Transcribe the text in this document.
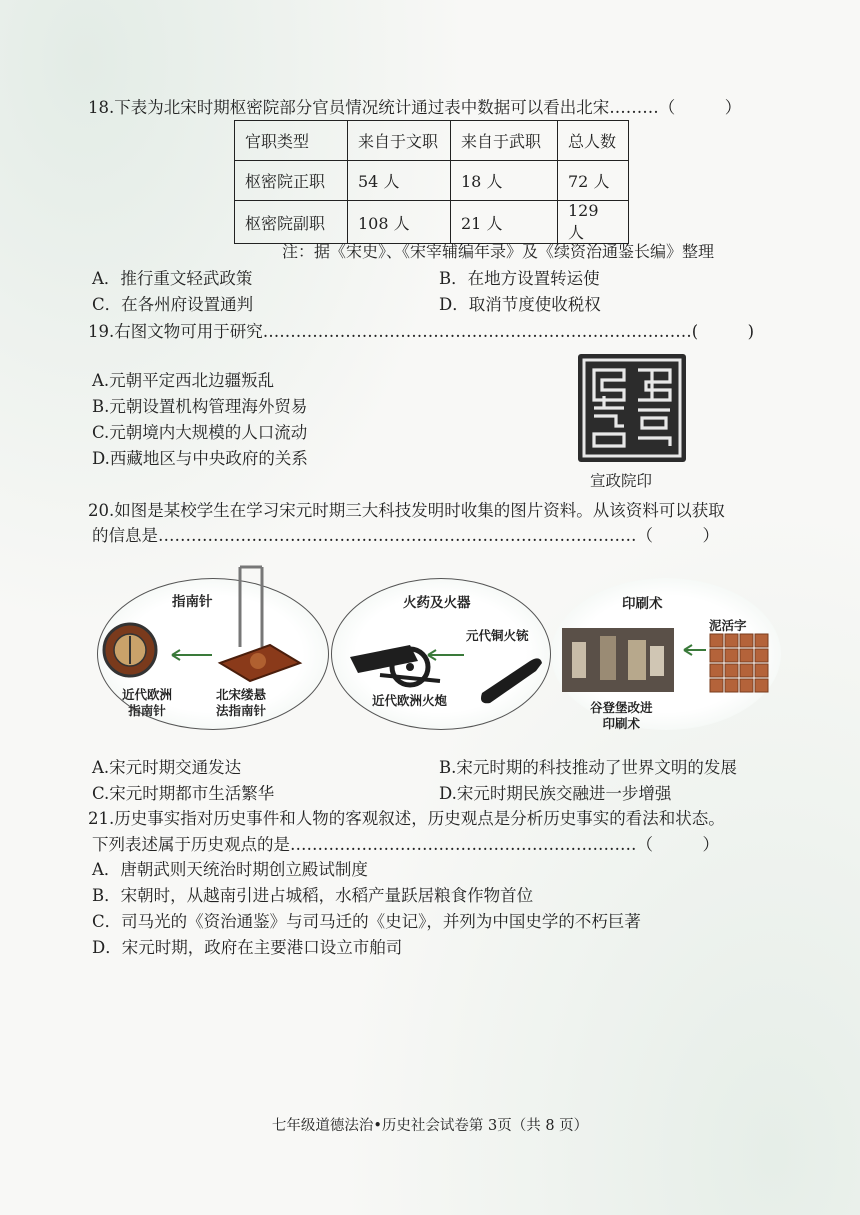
18.下表为北宋时期枢密院部分官员情况统计通过表中数据可以看出北宋………（　　　）
官职类型	来自于文职	来自于武职	总人数
枢密院正职	54 人	18 人	72 人
枢密院副职	108 人	21 人	129 人
注：据《宋史》、《宋宰辅编年录》及《续资治通鉴长编》整理
A．推行重文轻武政策	B．在地方设置转运使
C．在各州府设置通判	D．取消节度使收税权
19.右图文物可用于研究……………………………………………………………………(　　　)
A.元朝平定西北边疆叛乱
B.元朝设置机构管理海外贸易
C.元朝境内大规模的人口流动
D.西藏地区与中央政府的关系
宣政院印
20.如图是某校学生在学习宋元时期三大科技发明时收集的图片资料。从该资料可以获取
的信息是……………………………………………………………………………（　　　）
指南针
近代欧洲
指南针
北宋缕悬
法指南针
火药及火器
元代铜火铳
近代欧洲火炮
印刷术
泥活字
谷登堡改进
印刷术
A.宋元时期交通发达	B.宋元时期的科技推动了世界文明的发展
C.宋元时期都市生活繁华	D.宋元时期民族交融进一步增强
21.历史事实指对历史事件和人物的客观叙述，历史观点是分析历史事实的看法和状态。
下列表述属于历史观点的是………………………………………………………（　　　）
A．唐朝武则天统治时期创立殿试制度
B．宋朝时，从越南引进占城稻，水稻产量跃居粮食作物首位
C．司马光的《资治通鉴》与司马迁的《史记》，并列为中国史学的不朽巨著
D．宋元时期，政府在主要港口设立市舶司
七年级道德法治•历史社会试卷第 3页（共 8 页）
